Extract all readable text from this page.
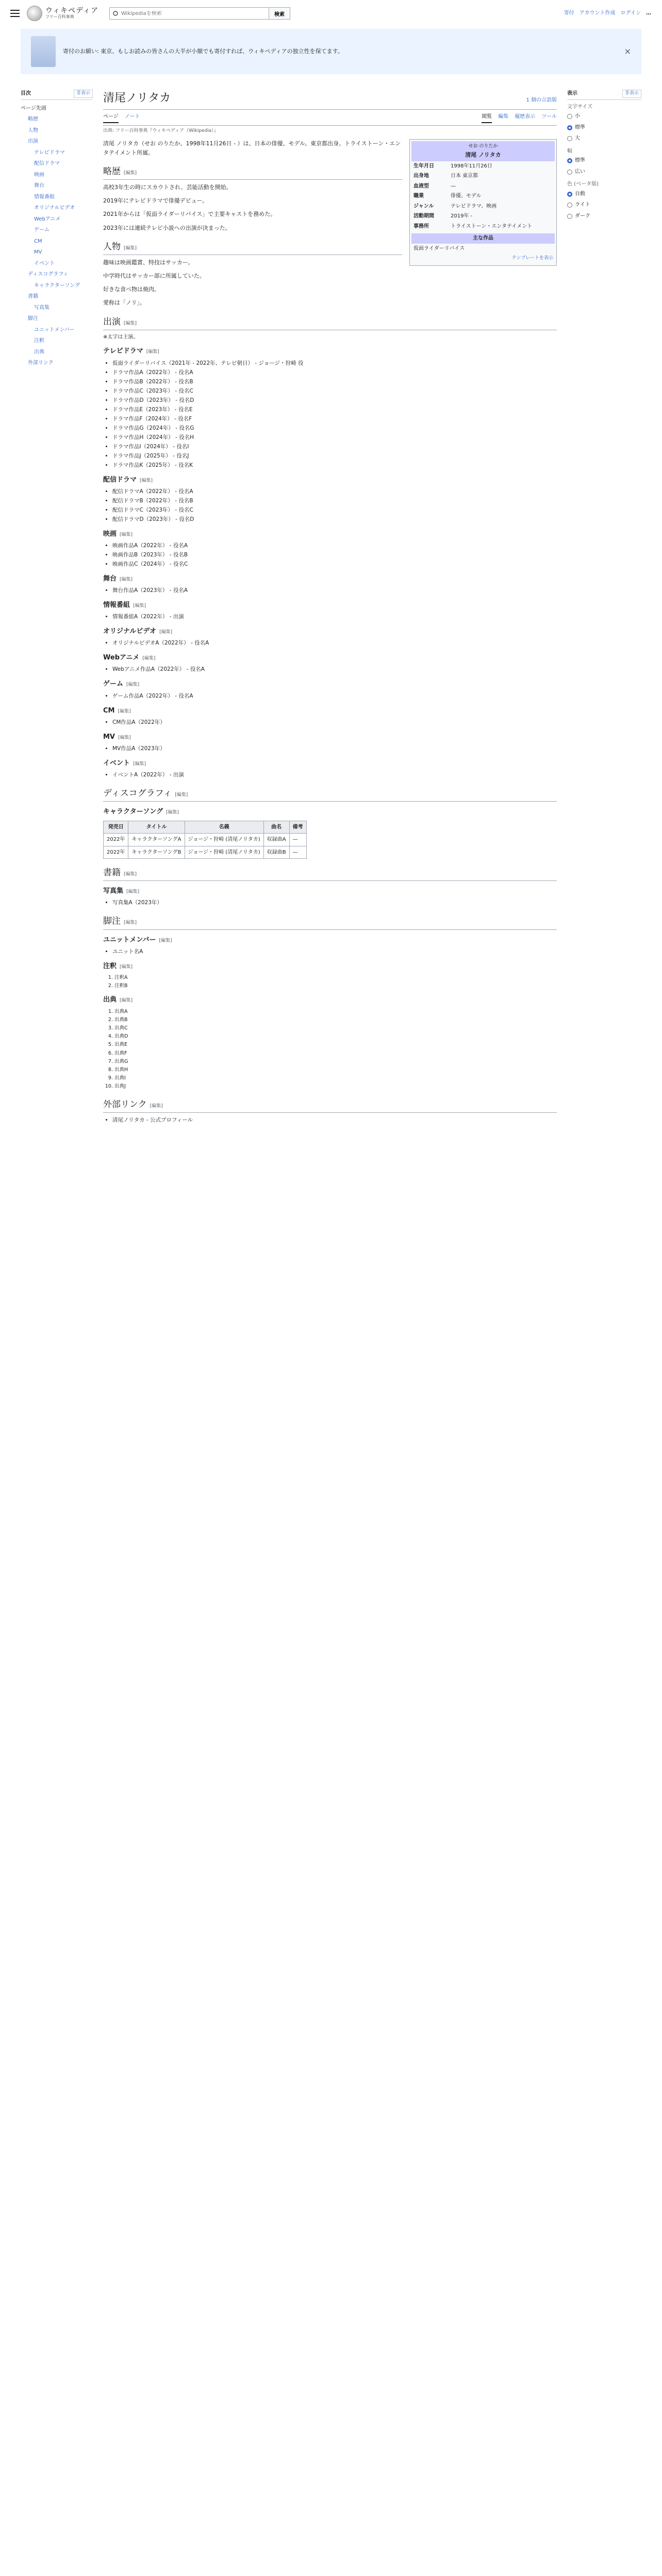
ウィキペディア
フリー百科事典
Wikipediaを検索	検索	寄付 アカウント作成 ログイン …
寄付のお願い: 東京、もしお読みの皆さんの大半が小額でも寄付すれば、ウィキペディアの独立性を保てます。	×
目次	非表示
ページ先頭
略歴
人物
出演
テレビドラマ
配信ドラマ
映画
舞台
情報番組
オリジナルビデオ
Webアニメ
ゲーム
CM
MV
イベント
ディスコグラフィ
キャラクターソング
書籍
写真集
脚注
ユニットメンバー
注釈
出典
外部リンク
清尾ノリタカ	1 個の言語版
ページ ノート	閲覧 編集 履歴表示 ツール
出典: フリー百科事典『ウィキペディア（Wikipedia）』

清尾 ノリタカ（せお のりたか、1998年11月26日 - ）は、日本の俳優、モデル。東京都出身。トライストーン・エンタテイメント所属。

略歴 [編集]

高校3年生の時にスカウトされ、芸能活動を開始。

2019年にテレビドラマで俳優デビュー。

2021年からは「仮面ライダーリバイス」で主要キャストを務めた。

2023年には連続テレビ小説への出演が決まった。

人物 [編集]

趣味は映画鑑賞、特技はサッカー。

中学時代はサッカー部に所属していた。

好きな食べ物は焼肉。

愛称は「ノリ」。

出演 [編集]
※太字は主演。
テレビドラマ [編集]
• 仮面ライダーリバイス（2021年 - 2022年、テレビ朝日） - ジョージ・狩崎 役
• ドラマ作品A（2022年） - 役名A
• ドラマ作品B（2022年） - 役名B
• ドラマ作品C（2023年） - 役名C
• ドラマ作品D（2023年） - 役名D
• ドラマ作品E（2023年） - 役名E
• ドラマ作品F（2024年） - 役名F
• ドラマ作品G（2024年） - 役名G
• ドラマ作品H（2024年） - 役名H
• ドラマ作品I（2024年） - 役名I
• ドラマ作品J（2025年） - 役名J
• ドラマ作品K（2025年） - 役名K
配信ドラマ [編集]
• 配信ドラマA（2022年） - 役名A
• 配信ドラマB（2022年） - 役名B
• 配信ドラマC（2023年） - 役名C
• 配信ドラマD（2023年） - 役名D
映画 [編集]
• 映画作品A（2022年） - 役名A
• 映画作品B（2023年） - 役名B
• 映画作品C（2024年） - 役名C
舞台 [編集]
• 舞台作品A（2023年） - 役名A
情報番組 [編集]
• 情報番組A（2022年） - 出演
オリジナルビデオ [編集]
• オリジナルビデオA（2022年） - 役名A
Webアニメ [編集]
• Webアニメ作品A（2022年） - 役名A
ゲーム [編集]
• ゲーム作品A（2022年） - 役名A
CM [編集]
• CM作品A（2022年）
MV [編集]
• MV作品A（2023年）
イベント [編集]
• イベントA（2022年） - 出演
ディスコグラフィ [編集]
キャラクターソング [編集]
発売日	タイトル	名義	曲名	備考
2022年	キャラクターソングA	ジョージ・狩崎 (清尾ノリタカ)	収録曲A	—
2022年	キャラクターソングB	ジョージ・狩崎 (清尾ノリタカ)	収録曲B	—
書籍 [編集]
写真集 [編集]
• 写真集A（2023年）
脚注 [編集]
ユニットメンバー [編集]
• ユニット名A
注釈 [編集]
1. 注釈A
2. 注釈B
出典 [編集]
1. 出典A
2. 出典B
3. 出典C
4. 出典D
5. 出典E
6. 出典F
7. 出典G
8. 出典H
9. 出典I
10. 出典J
外部リンク [編集]
• 清尾ノリタカ - 公式プロフィール
せお のりたか
清尾 ノリタカ
生年月日	1998年11月26日
出身地	日本 東京都
血液型	—
職業	俳優、モデル
ジャンル	テレビドラマ、映画
活動期間	2019年 -
事務所	トライストーン・エンタテイメント
主な作品
仮面ライダーリバイス
テンプレートを表示
表示	非表示
文字サイズ
小
標準
大
幅
標準
広い
色 (ベータ版)
自動
ライト
ダーク
